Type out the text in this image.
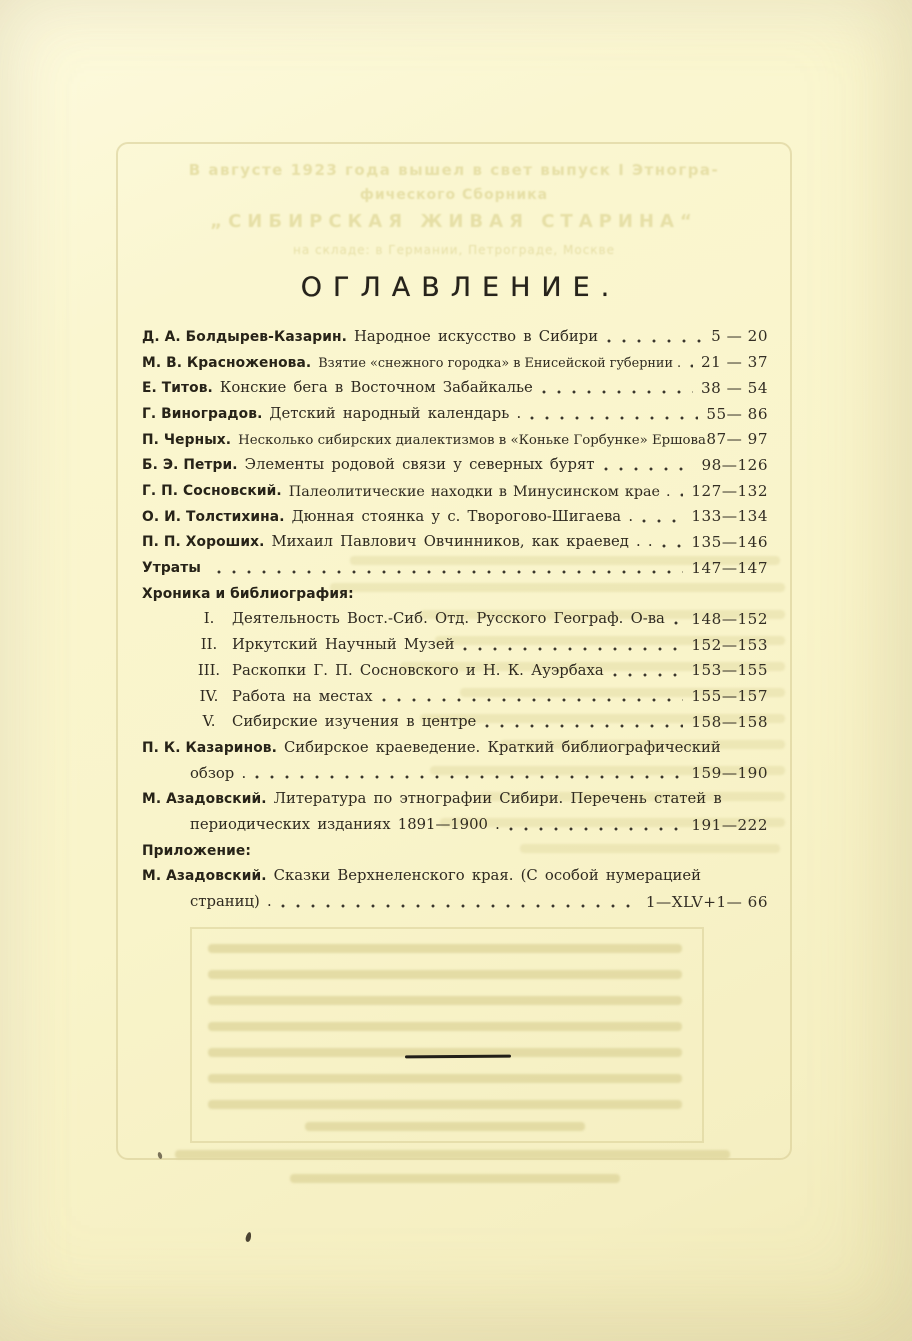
В августе 1923 года вышел в свет выпуск I Этногра-
фического Сборника
„СИБИРСКАЯ ЖИВАЯ СТАРИНА“
на складе: в Германии, Петрограде, Москве
ОГЛАВЛЕНИЕ.
Д. А. Болдырев-Казарин. Народное искусство в Сибири	5 — 20
М. В. Красноженова. Взятие «снежного городка» в Енисейской губернии . 21 — 37
Е. Титов. Конские бега в Восточном Забайкалье	38 — 54
Г. Виноградов. Детский народный календарь .	55— 86
П. Черных. Несколько сибирских диалектизмов в «Коньке Горбунке» Ершова 87— 97
Б. Э. Петри. Элементы родовой связи у северных бурят	98—126
Г. П. Сосновский. Палеолитические находки в Минусинском крае . 127—132
О. И. Толстихина. Дюнная стоянка у с. Творогово-Шигаева .	133—134
П. П. Хороших. Михаил Павлович Овчинников, как краевед . .	135—146
Утраты	147—147
Хроника и библиография:
I.	Деятельность Вост.-Сиб. Отд. Русского Географ. О-ва 148—152
II. Иркутский Научный Музей	152—153
III. Раскопки Г. П. Сосновского и Н. К. Ауэрбаха	153—155
IV. Работа на местах	155—157
V.	Сибирские изучения в центре	158—158
П. К. Казаринов. Сибирское краеведение. Краткий библиографический
обзор .	159—190
М. Азадовский. Литература по этнографии Сибири. Перечень статей в
периодических изданиях 1891—1900 .	191—222
Приложение:
М. Азадовский. Сказки Верхнеленского края. (С особой нумерацией
страниц) .	1—XLV+1— 66
